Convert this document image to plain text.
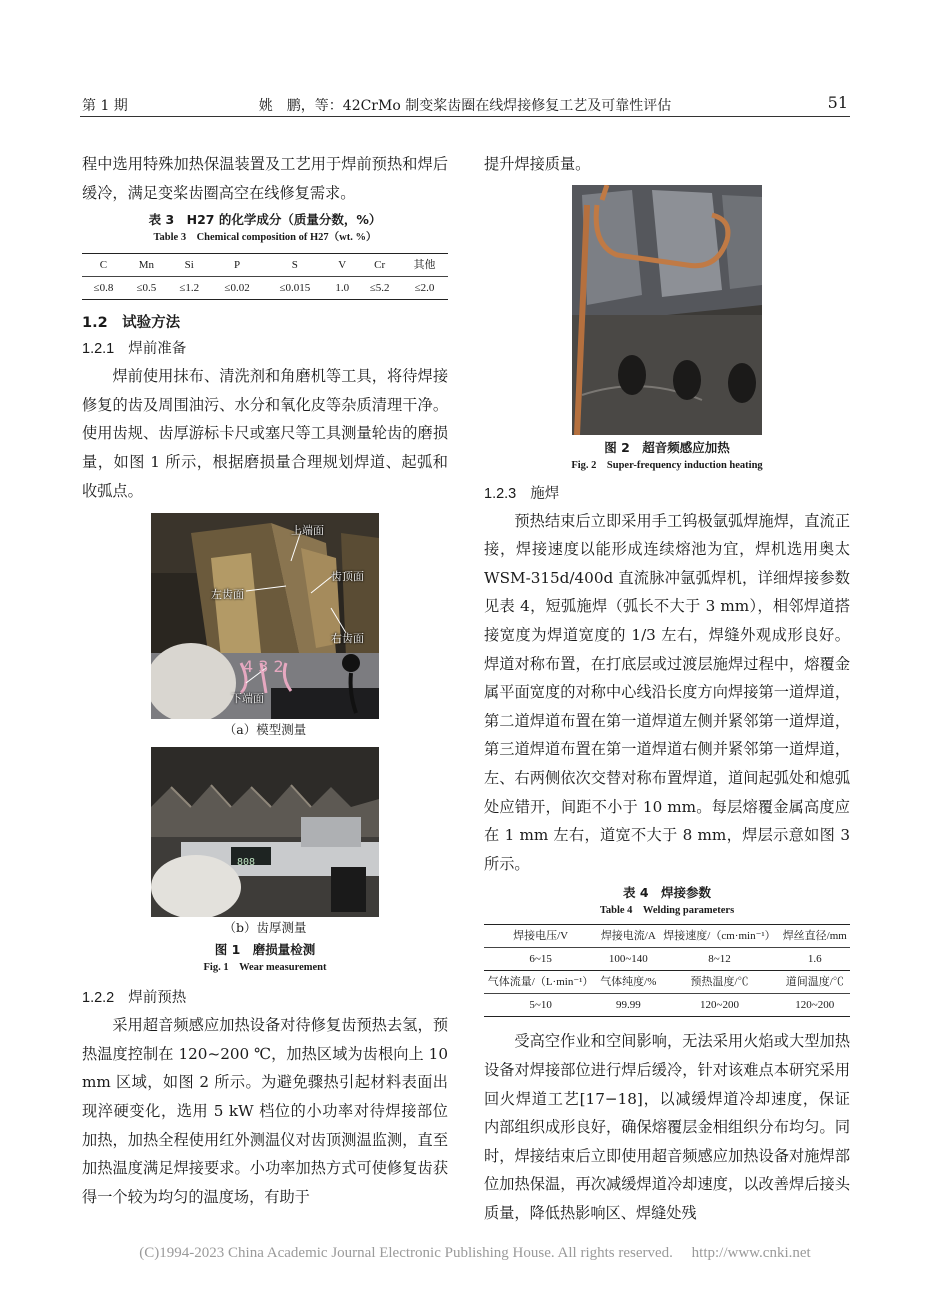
第 1 期	姚　鹏，等：42CrMo 制变桨齿圈在线焊接修复工艺及可靠性评估	51

程中选用特殊加热保温装置及工艺用于焊前预热和焊后缓冷，满足变桨齿圈高空在线修复需求。

表 3　H27 的化学成分（质量分数，%）
Table 3　Chemical composition of H27（wt. %）
C	Mn	Si	P	S	V	Cr	其他
≤0.8	≤0.5	≤1.2	≤0.02	≤0.015	1.0	≤5.2	≤2.0
1.2　试验方法
1.2.1 焊前准备

焊前使用抹布、清洗剂和角磨机等工具，将待焊接修复的齿及周围油污、水分和氧化皮等杂质清理干净。使用齿规、齿厚游标卡尺或塞尺等工具测量轮齿的磨损量，如图 1 所示，根据磨损量合理规划焊道、起弧和收弧点。

上端面
左齿面
齿顶面
右齿面
下端面
4 3 2
（a）模型测量
808
（b）齿厚测量
图 1　磨损量检测
Fig. 1　Wear measurement
1.2.2 焊前预热

采用超音频感应加热设备对待修复齿预热去氢，预热温度控制在 120~200 ℃，加热区域为齿根向上 10 mm 区域，如图 2 所示。为避免骤热引起材料表面出现淬硬变化，选用 5 kW 档位的小功率对待焊接部位加热，加热全程使用红外测温仪对齿顶测温监测，直至加热温度满足焊接要求。小功率加热方式可使修复齿获得一个较为均匀的温度场，有助于

提升焊接质量。

图 2　超音频感应加热
Fig. 2　Super-frequency induction heating
1.2.3 施焊

预热结束后立即采用手工钨极氩弧焊施焊，直流正接，焊接速度以能形成连续熔池为宜，焊机选用奥太 WSM-315d/400d 直流脉冲氩弧焊机，详细焊接参数见表 4，短弧施焊（弧长不大于 3 mm），相邻焊道搭接宽度为焊道宽度的 1/3 左右，焊缝外观成形良好。焊道对称布置，在打底层或过渡层施焊过程中，熔覆金属平面宽度的对称中心线沿长度方向焊接第一道焊道，第二道焊道布置在第一道焊道左侧并紧邻第一道焊道，第三道焊道布置在第一道焊道右侧并紧邻第一道焊道，左、右两侧依次交替对称布置焊道，道间起弧处和熄弧处应错开，间距不小于 10 mm。每层熔覆金属高度应在 1 mm 左右，道宽不大于 8 mm，焊层示意如图 3 所示。

表 4　焊接参数
Table 4　Welding parameters
焊接电压/V	焊接电流/A	焊接速度/（cm·min⁻¹）	焊丝直径/mm
6~15	100~140	8~12	1.6
气体流量/（L·min⁻¹）	气体纯度/%	预热温度/℃	道间温度/℃
5~10	99.99	120~200	120~200

受高空作业和空间影响，无法采用火焰或大型加热设备对焊接部位进行焊后缓冷，针对该难点本研究采用回火焊道工艺[17−18]，以减缓焊道冷却速度，保证内部组织成形良好，确保熔覆层金相组织分布均匀。同时，焊接结束后立即使用超音频感应加热设备对施焊部位加热保温，再次减缓焊道冷却速度，以改善焊后接头质量，降低热影响区、焊缝处残

(C)1994-2023 China Academic Journal Electronic Publishing House. All rights reserved.　 http://www.cnki.net
